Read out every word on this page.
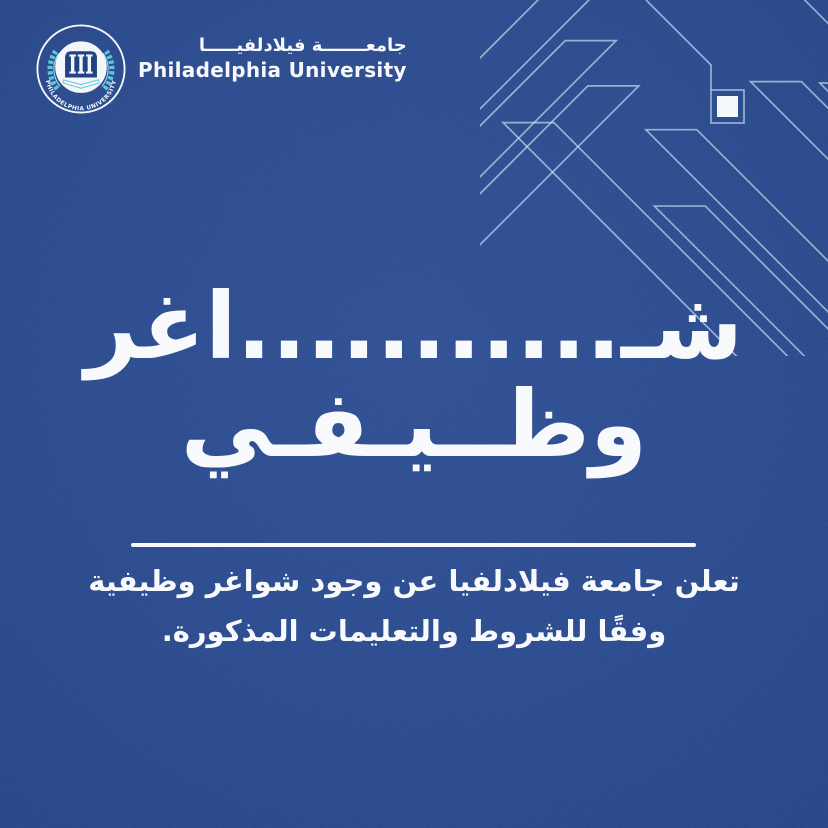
PHILADELPHIA UNIVERSITY
جامعـــــــة فيلادلفيـــــا
Philadelphia University
شـ...........اغر
وظــيـفـي

تعلن جامعة فيلادلفيا عن وجود شواغر وظيفية
وفقًا للشروط والتعليمات المذكورة.
